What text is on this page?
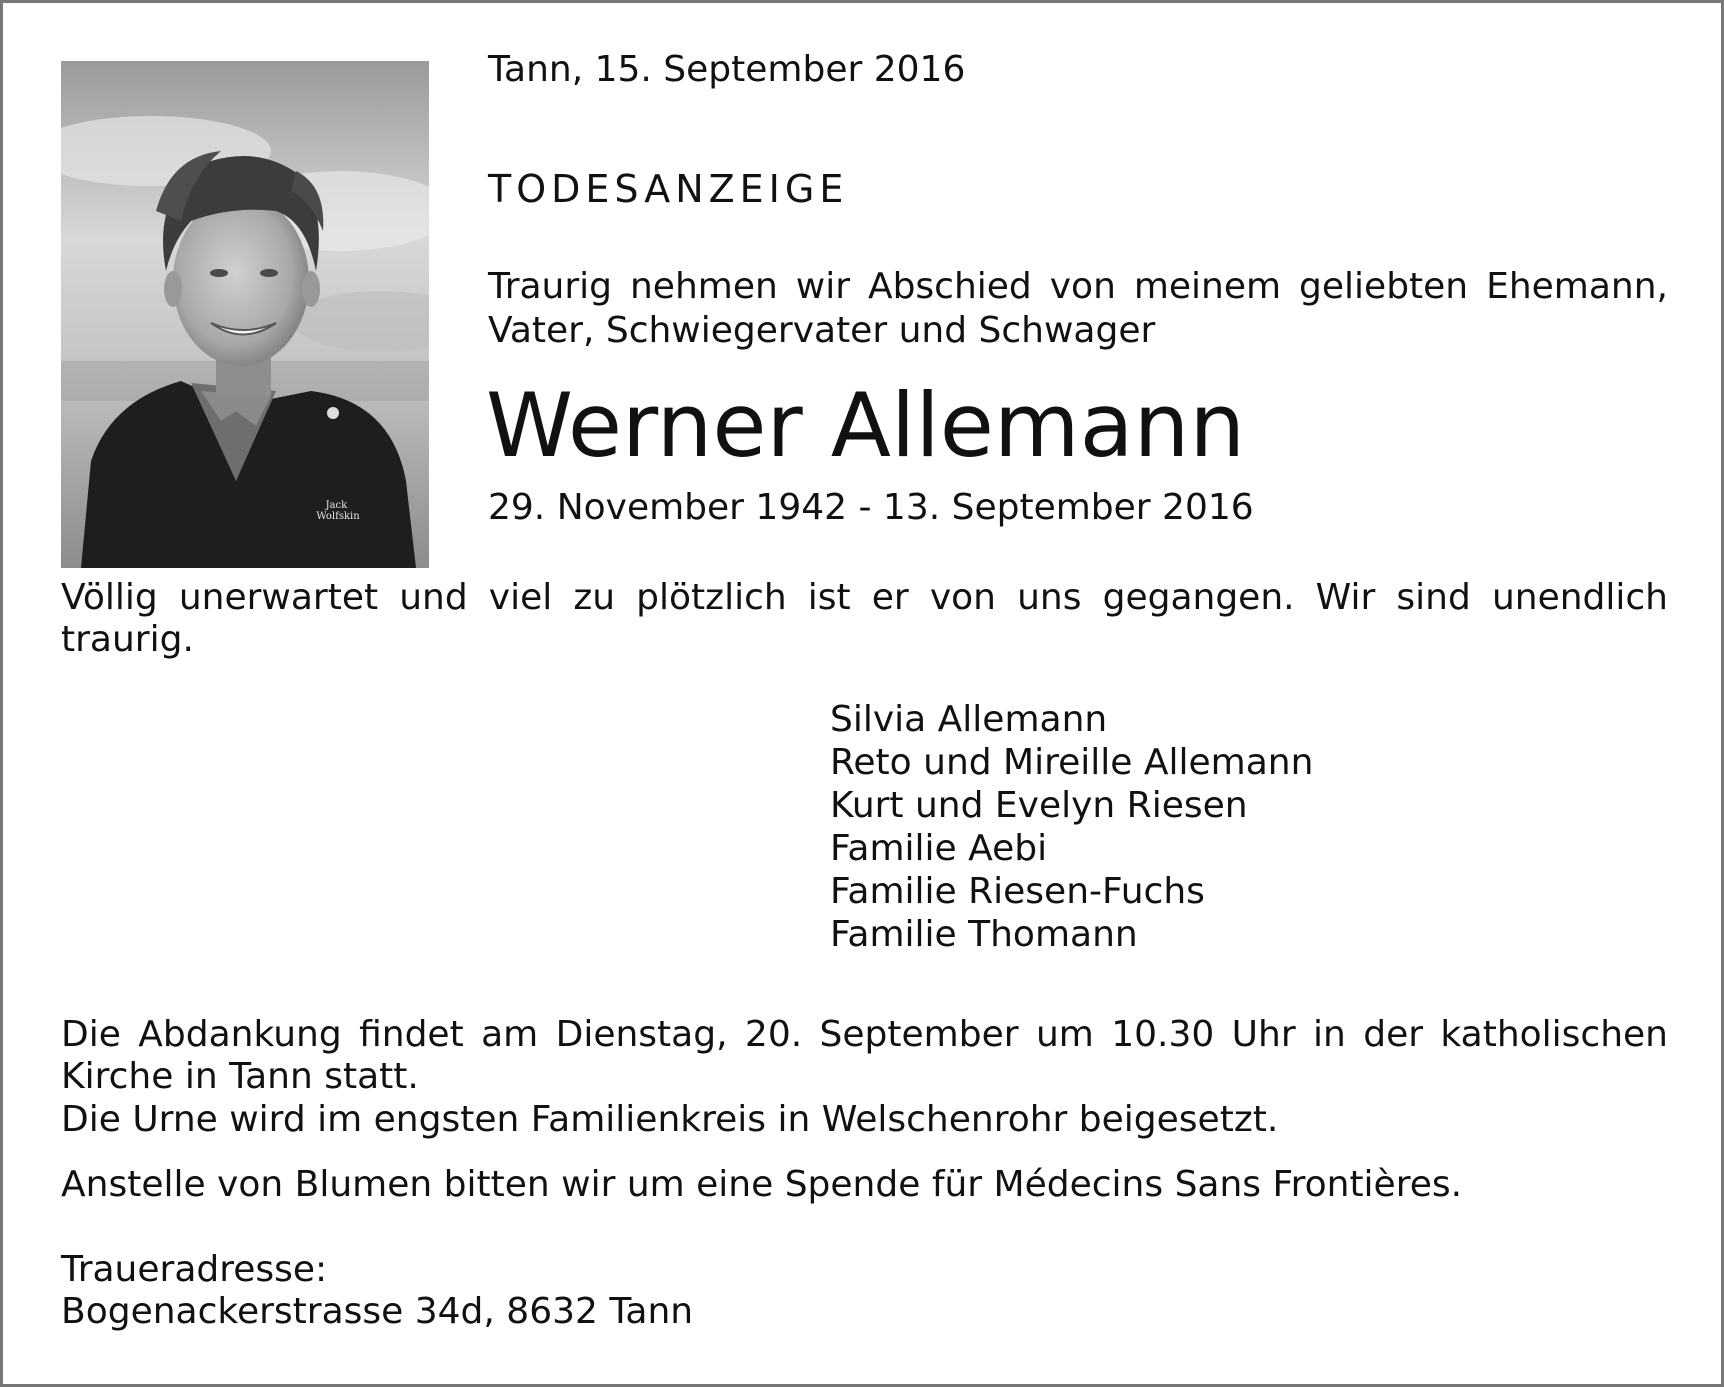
Jack Wolfskin

Tann, 15. September 2016

TODESANZEIGE

Traurig nehmen wir Abschied von meinem geliebten Ehemann,
Vater, Schwiegervater und Schwager

Werner Allemann

29. November 1942 - 13. September 2016

Völlig unerwartet und viel zu plötzlich ist er von uns gegangen. Wir sind unendlich
traurig.

Silvia Allemann
Reto und Mireille Allemann
Kurt und Evelyn Riesen
Familie Aebi
Familie Riesen-Fuchs
Familie Thomann

Die Abdankung findet am Dienstag, 20. September um 10.30 Uhr in der katholischen
Kirche in Tann statt.

Die Urne wird im engsten Familienkreis in Welschenrohr beigesetzt.

Anstelle von Blumen bitten wir um eine Spende für Médecins Sans Frontières.

Traueradresse:

Bogenackerstrasse 34d, 8632 Tann
